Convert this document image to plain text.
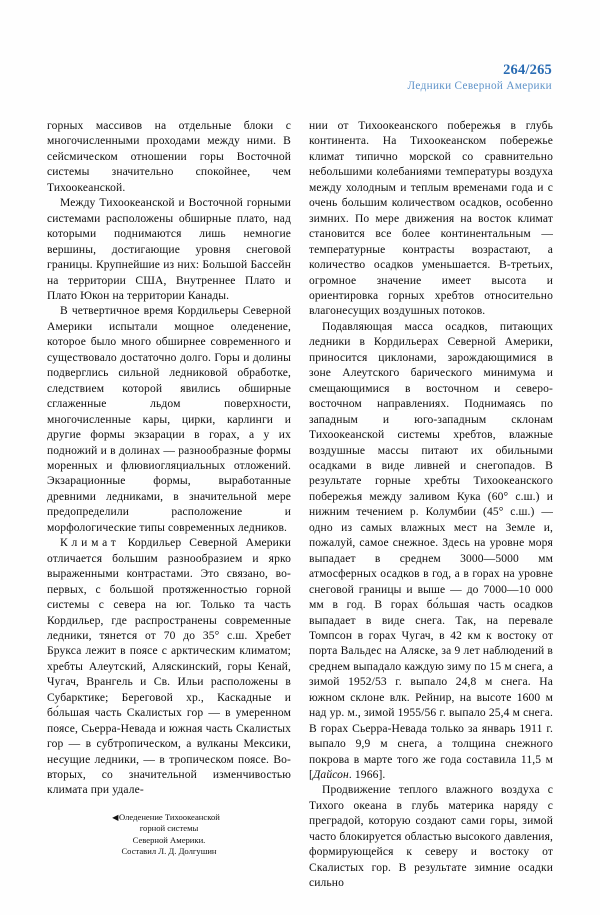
264/265
Ледники Северной Америки

горных массивов на отдельные блоки с многочисленными проходами между ними. В сейсмическом отношении горы Восточной системы значительно спокойнее, чем Тихоокеанской.

Между Тихоокеанской и Восточной горными системами расположены обширные плато, над которыми поднимаются лишь немногие вершины, достигающие уровня снеговой границы. Крупнейшие из них: Большой Бассейн на территории США, Внутреннее Плато и Плато Юкон на территории Канады.

В четвертичное время Кордильеры Северной Америки испытали мощное оледенение, которое было много обширнее современного и существовало достаточно долго. Горы и долины подверглись сильной ледниковой обработке, следствием которой явились обширные сглаженные льдом поверхности, многочисленные кары, цирки, карлинги и другие формы экзарации в горах, а у их подножий и в долинах — разнообразные формы моренных и флювиогляциальных отложений. Экзарационные формы, выработанные древними ледниками, в значительной мере предопределили расположение и морфологические типы современных ледников.

Климат Кордильер Северной Америки отличается большим разнообразием и ярко выраженными контрастами. Это связано, во-первых, с большой протяженностью горной системы с севера на юг. Только та часть Кордильер, где распространены современные ледники, тянется от 70 до 35° с.ш. Хребет Брукса лежит в поясе с арктическим климатом; хребты Алеутский, Аляскинский, горы Кенай, Чугач, Врангель и Св. Ильи расположены в Субарктике; Береговой хр., Каскадные и бо́льшая часть Скалистых гор — в умеренном поясе, Сьерра-Невада и южная часть Скалистых гор — в субтропическом, а вулканы Мексики, несущие ледники, — в тропическом поясе. Во-вторых, со значительной изменчивостью климата при удале-

нии от Тихоокеанского побережья в глубь континента. На Тихоокеанском побережье климат типично морской со сравнительно небольшими колебаниями температуры воздуха между холодным и теплым временами года и с очень большим количеством осадков, особенно зимних. По мере движения на восток климат становится все более континентальным — температурные контрасты возрастают, а количество осадков уменьшается. В-третьих, огромное значение имеет высота и ориентировка горных хребтов относительно влагонесущих воздушных потоков.

Подавляющая масса осадков, питающих ледники в Кордильерах Северной Америки, приносится циклонами, зарождающимися в зоне Алеутского барического минимума и смещающимися в восточном и северо-восточном направлениях. Поднимаясь по западным и юго-западным склонам Тихоокеанской системы хребтов, влажные воздушные массы питают их обильными осадками в виде ливней и снегопадов. В результате горные хребты Тихоокеанского побережья между заливом Кука (60° с.ш.) и нижним течением р. Колумбии (45° с.ш.) — одно из самых влажных мест на Земле и, пожалуй, самое снежное. Здесь на уровне моря выпадает в среднем 3000—5000 мм атмосферных осадков в год, а в горах на уровне снеговой границы и выше — до 7000—10 000 мм в год. В горах бо́льшая часть осадков выпадает в виде снега. Так, на перевале Томпсон в горах Чугач, в 42 км к востоку от порта Вальдес на Аляске, за 9 лет наблюдений в среднем выпадало каждую зиму по 15 м снега, а зимой 1952/53 г. выпало 24,8 м снега. На южном склоне влк. Рейнир, на высоте 1600 м над ур. м., зимой 1955/56 г. выпало 25,4 м снега. В горах Сьерра-Невада только за январь 1911 г. выпало 9,9 м снега, а толщина снежного покрова в марте того же года составила 11,5 м [Дайсон. 1966].

Продвижение теплого влажного воздуха с Тихого океана в глубь материка наряду с преградой, которую создают сами горы, зимой часто блокируется областью высокого давления, формирующейся к северу и востоку от Скалистых гор. В результате зимние осадки сильно

◀Оледенение Тихоокеанской
горной системы
Северной Америки.
Составил Л. Д. Долгушин
